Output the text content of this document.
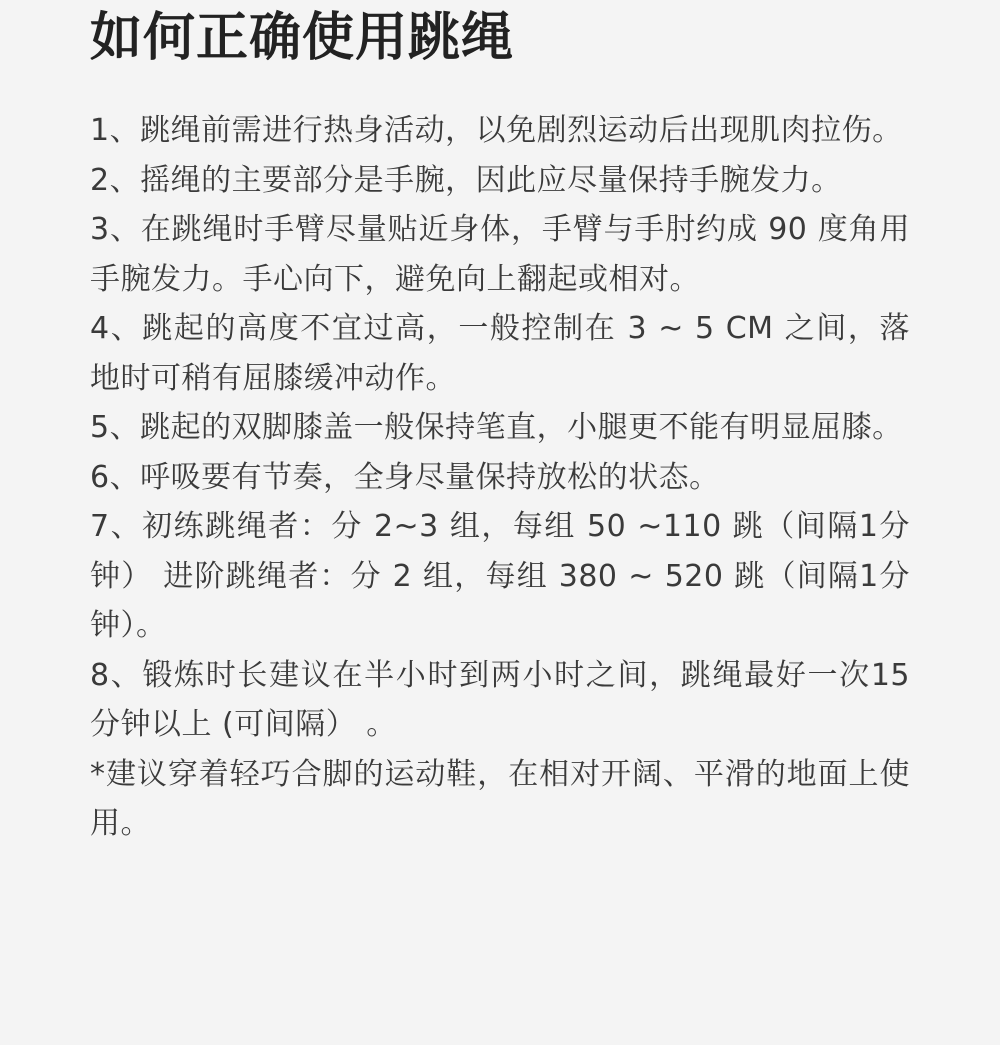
如何正确使用跳绳
1、跳绳前需进行热身活动，以免剧烈运动后出现肌肉拉伤。
2、摇绳的主要部分是手腕，因此应尽量保持手腕发力。
3、在跳绳时手臂尽量贴近身体，手臂与手肘约成 90 度角用手腕发力。手心向下，避免向上翻起或相对。
4、跳起的高度不宜过高，一般控制在 3 ~ 5 CM 之间，落地时可稍有屈膝缓冲动作。
5、跳起的双脚膝盖一般保持笔直，小腿更不能有明显屈膝。
6、呼吸要有节奏，全身尽量保持放松的状态。
7、初练跳绳者：分 2~3 组，每组 50 ~110 跳（间隔1分钟） 进阶跳绳者：分 2 组，每组 380 ~ 520 跳（间隔1分钟）。
8、锻炼时长建议在半小时到两小时之间，跳绳最好一次15分钟以上 (可间隔） 。
*建议穿着轻巧合脚的运动鞋，在相对开阔、平滑的地面上使用。
